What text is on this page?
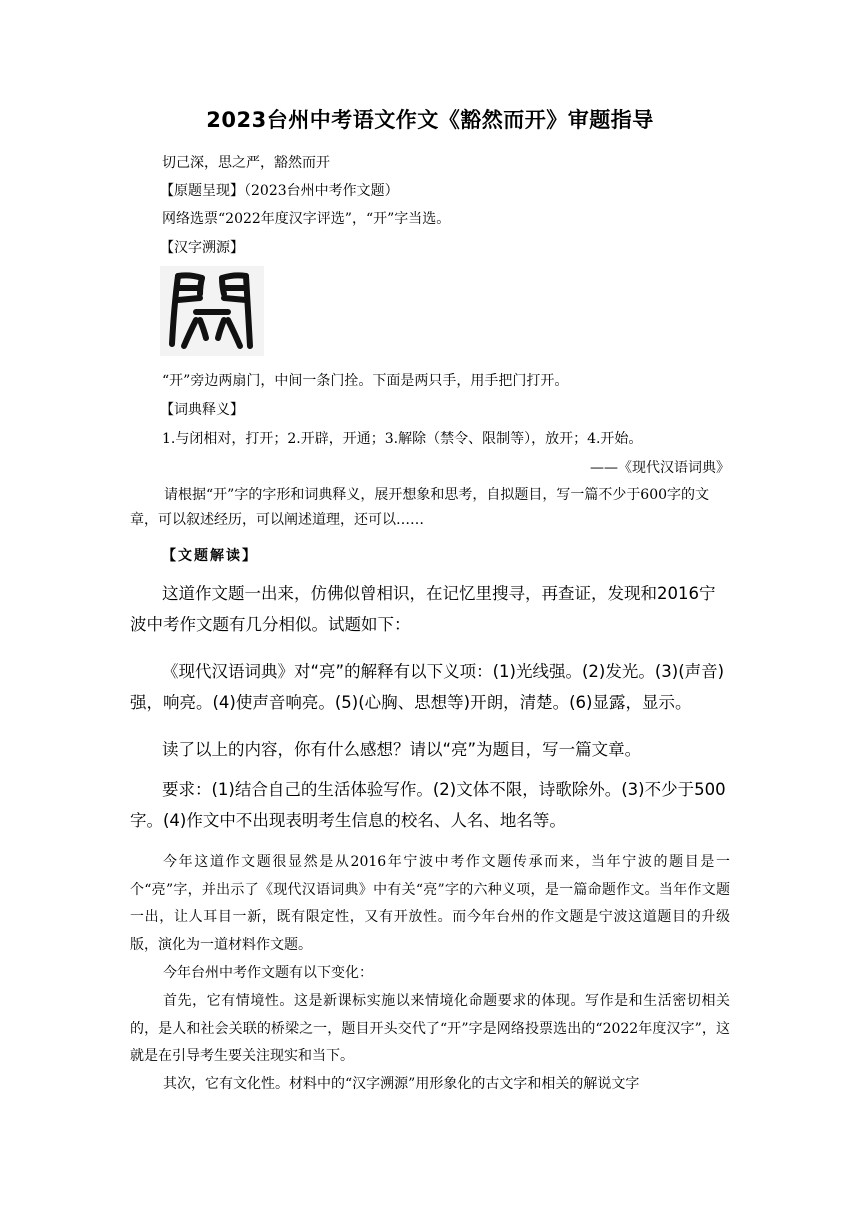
2023台州中考语文作文《豁然而开》审题指导
切己深，思之严，豁然而开
【原题呈现】（2023台州中考作文题）
网络选票“2022年度汉字评选”，“开”字当选。
【汉字溯源】
“开”旁边两扇门，中间一条门拴。下面是两只手，用手把门打开。
【词典释义】
1.与闭相对，打开；2.开辟，开通；3.解除（禁令、限制等），放开；4.开始。
——《现代汉语词典》

请根据“开”字的字形和词典释义，展开想象和思考，自拟题目，写一篇不少于600字的文章，可以叙述经历，可以阐述道理，还可以……

【文题解读】

这道作文题一出来，仿佛似曾相识，在记忆里搜寻，再查证，发现和2016宁波中考作文题有几分相似。试题如下：

《现代汉语词典》对“亮”的解释有以下义项：(1)光线强。(2)发光。(3)(声音)强，响亮。(4)使声音响亮。(5)(心胸、思想等)开朗，清楚。(6)显露，显示。

读了以上的内容，你有什么感想？请以“亮”为题目，写一篇文章。

要求：(1)结合自己的生活体验写作。(2)文体不限，诗歌除外。(3)不少于500字。(4)作文中不出现表明考生信息的校名、人名、地名等。

今年这道作文题很显然是从2016年宁波中考作文题传承而来，当年宁波的题目是一个“亮”字，并出示了《现代汉语词典》中有关“亮”字的六种义项，是一篇命题作文。当年作文题一出，让人耳目一新，既有限定性，又有开放性。而今年台州的作文题是宁波这道题目的升级版，演化为一道材料作文题。

今年台州中考作文题有以下变化：

首先，它有情境性。这是新课标实施以来情境化命题要求的体现。写作是和生活密切相关的，是人和社会关联的桥梁之一，题目开头交代了“开”字是网络投票选出的“2022年度汉字”，这就是在引导考生要关注现实和当下。

其次，它有文化性。材料中的“汉字溯源”用形象化的古文字和相关的解说文字
